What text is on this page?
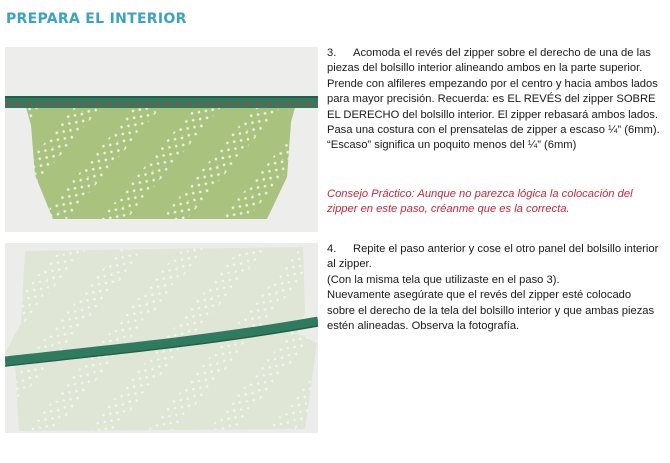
PREPARA EL INTERIOR

3. Acomoda el revés del zipper sobre el derecho de una de las piezas del bolsillo interior alineando ambos en la parte superior. Prende con alfileres empezando por el centro y hacia ambos lados para mayor precisión. Recuerda: es EL REVÉS del zipper SOBRE EL DERECHO del bolsillo interior. El zipper rebasará ambos lados. Pasa una costura con el prensatelas de zipper a escaso ¼” (6mm). “Escaso” significa un poquito menos del ¼” (6mm)

Consejo Práctico: Aunque no parezca lógica la colocación del zipper en este paso, créanme que es la correcta.

4. Repite el paso anterior y cose el otro panel del bolsillo interior al zipper.
(Con la misma tela que utilizaste en el paso 3).
Nuevamente asegúrate que el revés del zipper esté colocado sobre el derecho de la tela del bolsillo interior y que ambas piezas estén alineadas. Observa la fotografía.
